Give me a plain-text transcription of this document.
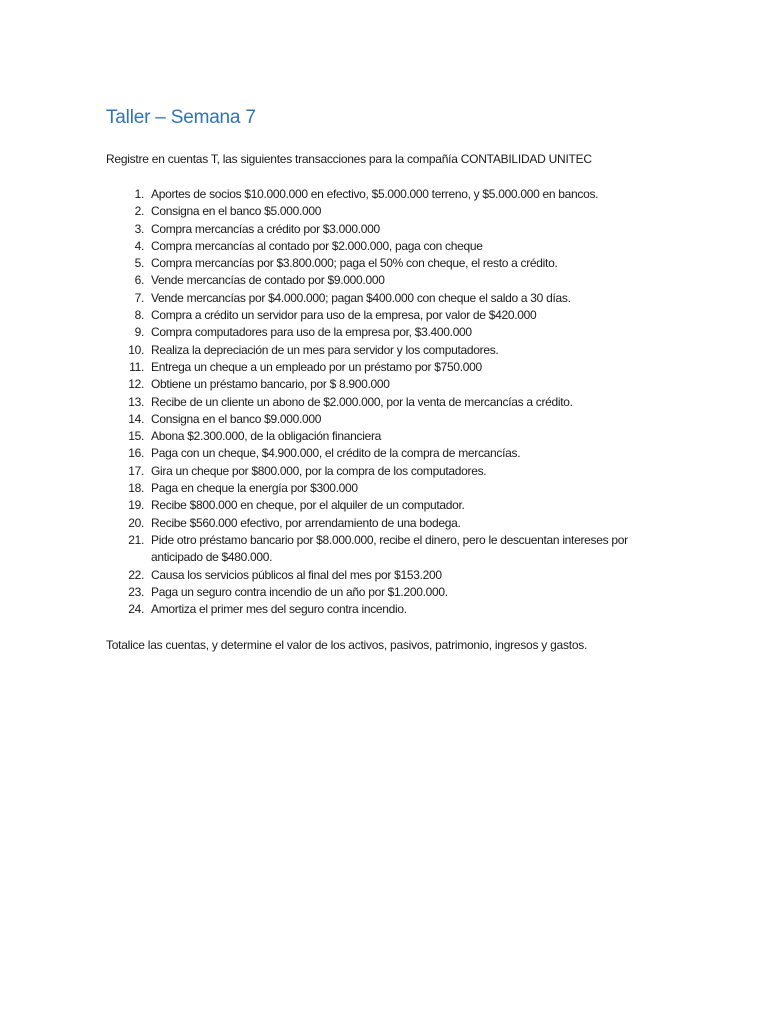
Taller – Semana 7
Registre en cuentas T, las siguientes transacciones para la compañía CONTABILIDAD UNITEC
1. Aportes de socios $10.000.000 en efectivo, $5.000.000 terreno, y $5.000.000 en bancos.
2. Consigna en el banco $5.000.000
3. Compra mercancías a crédito por $3.000.000
4. Compra mercancías al contado por $2.000.000, paga con cheque
5. Compra mercancías por $3.800.000; paga el 50% con cheque, el resto a crédito.
6. Vende mercancías de contado por $9.000.000
7. Vende mercancías por $4.000.000; pagan $400.000 con cheque el saldo a 30 días.
8. Compra a crédito un servidor para uso de la empresa, por valor de $420.000
9. Compra computadores para uso de la empresa por, $3.400.000
10. Realiza la depreciación de un mes para servidor y los computadores.
11. Entrega un cheque a un empleado por un préstamo por $750.000
12. Obtiene un préstamo bancario, por $ 8.900.000
13. Recibe de un cliente un abono de $2.000.000, por la venta de mercancías a crédito.
14. Consigna en el banco $9.000.000
15. Abona $2.300.000, de la obligación financiera
16. Paga con un cheque, $4.900.000, el crédito de la compra de mercancías.
17. Gira un cheque por $800.000, por la compra de los computadores.
18. Paga en cheque la energía por $300.000
19. Recibe $800.000 en cheque, por el alquiler de un computador.
20. Recibe $560.000 efectivo, por arrendamiento de una bodega.
21. Pide otro préstamo bancario por $8.000.000, recibe el dinero, pero le descuentan intereses por anticipado de $480.000.
22. Causa los servicios públicos al final del mes por $153.200
23. Paga un seguro contra incendio de un año por $1.200.000.
24. Amortiza el primer mes del seguro contra incendio.
Totalice las cuentas, y determine el valor de los activos, pasivos, patrimonio, ingresos y gastos.
